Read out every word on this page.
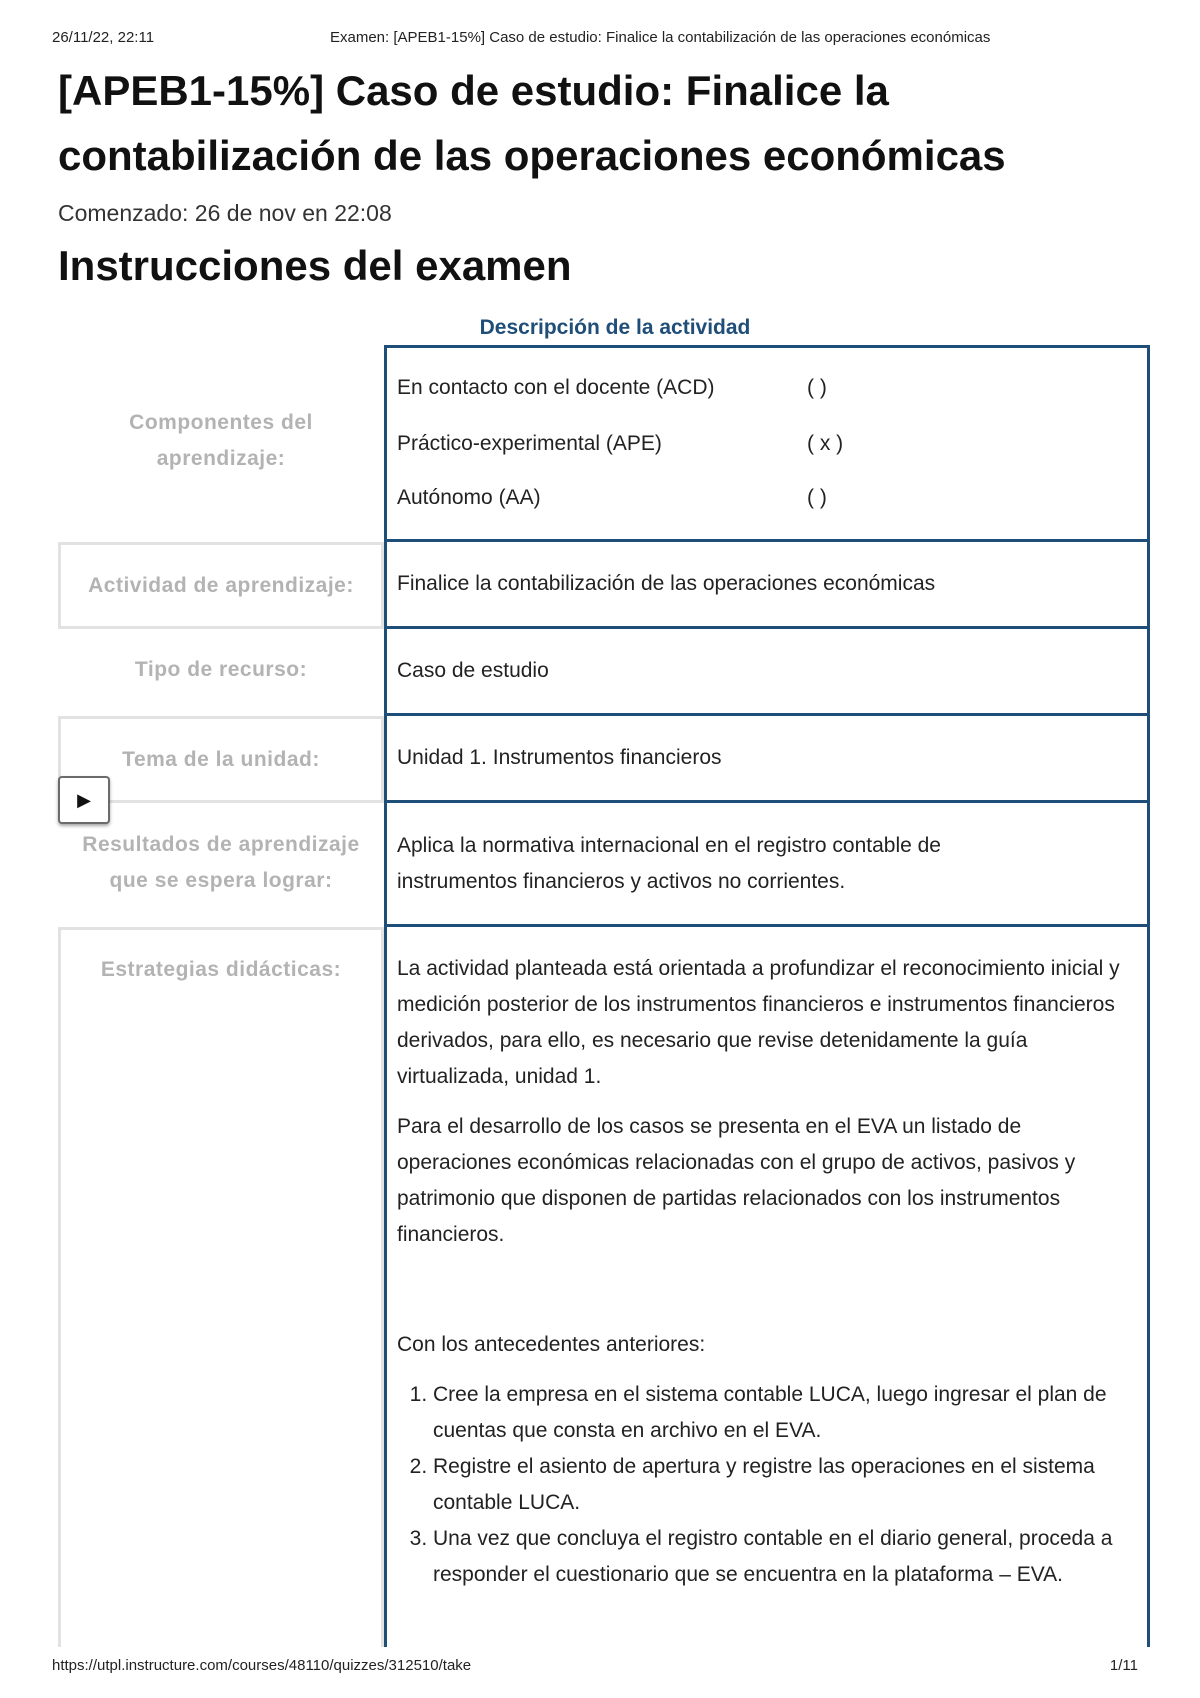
26/11/22, 22:11	Examen: [APEB1-15%] Caso de estudio: Finalice la contabilización de las operaciones económicas
[APEB1-15%] Caso de estudio: Finalice la
contabilización de las operaciones económicas
Comenzado: 26 de nov en 22:08
Instrucciones del examen
Descripción de la actividad
Componentes del
aprendizaje:
En contacto con el docente (ACD)	( )
Práctico-experimental (APE)	( x )
Autónomo (AA)	( )
Actividad de aprendizaje:	Finalice la contabilización de las operaciones económicas
Tipo de recurso:	Caso de estudio
Tema de la unidad:	Unidad 1. Instrumentos financieros
Resultados de aprendizaje
que se espera lograr:
Aplica la normativa internacional en el registro contable de
instrumentos financieros y activos no corrientes.
Estrategias didácticas:	La actividad planteada está orientada a profundizar el reconocimiento inicial y medición posterior de los instrumentos financieros e instrumentos financieros derivados, para ello, es necesario que revise detenidamente la guía virtualizada, unidad 1.

Para el desarrollo de los casos se presenta en el EVA un listado de operaciones económicas relacionadas con el grupo de activos, pasivos y patrimonio que disponen de partidas relacionados con los instrumentos financieros.

Con los antecedentes anteriores:

1. Cree la empresa en el sistema contable LUCA, luego ingresar el plan de cuentas que consta en archivo en el EVA.
2. Registre el asiento de apertura y registre las operaciones en el sistema contable LUCA.
3. Una vez que concluya el registro contable en el diario general, proceda a responder el cuestionario que se encuentra en la plataforma – EVA.
▶
https://utpl.instructure.com/courses/48110/quizzes/312510/take	1/11
